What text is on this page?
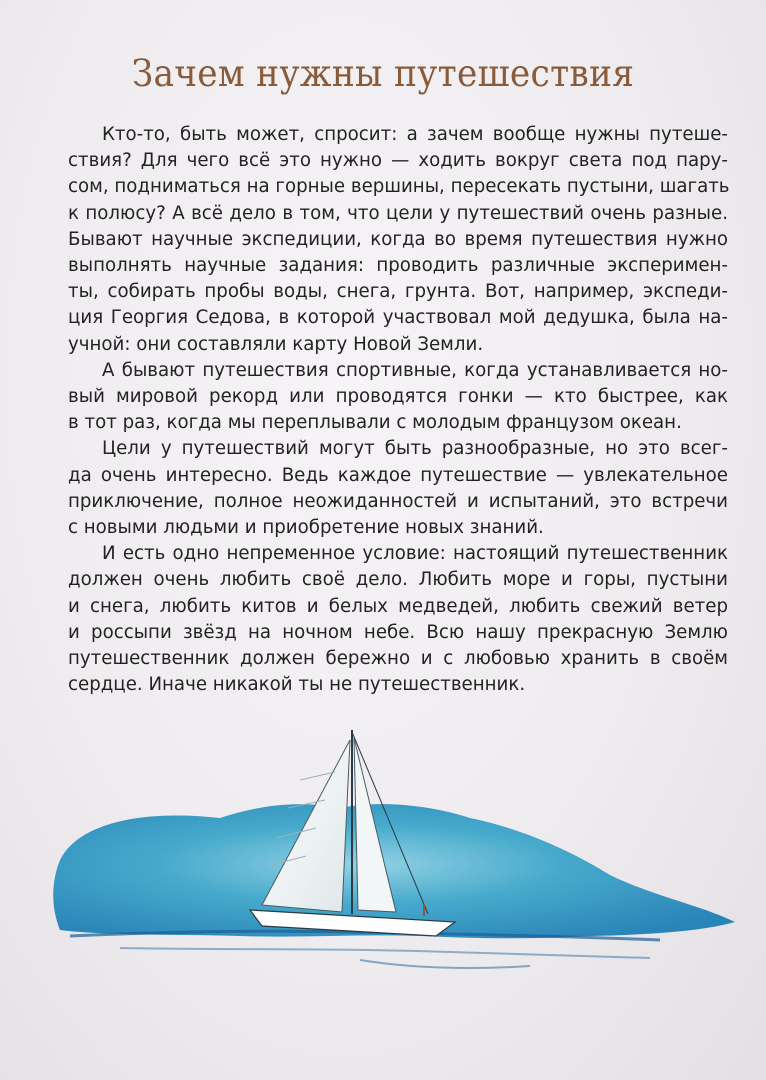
Зачем нужны путешествия
Кто-то, быть может, спросит: а зачем вообще нужны путеше-
ствия? Для чего всё это нужно — ходить вокруг света под пару-
сом, подниматься на горные вершины, пересекать пустыни, шагать
к полюсу? А всё дело в том, что цели у путешествий очень разные.
Бывают научные экспедиции, когда во время путешествия нужно
выполнять научные задания: проводить различные эксперимен-
ты, собирать пробы воды, снега, грунта. Вот, например, экспеди-
ция Георгия Седова, в которой участвовал мой дедушка, была на-
учной: они составляли карту Новой Земли.
А бывают путешествия спортивные, когда устанавливается но-
вый мировой рекорд или проводятся гонки — кто быстрее, как
в тот раз, когда мы переплывали с молодым французом океан.
Цели у путешествий могут быть разнообразные, но это всег-
да очень интересно. Ведь каждое путешествие — увлекательное
приключение, полное неожиданностей и испытаний, это встречи
с новыми людьми и приобретение новых знаний.
И есть одно непременное условие: настоящий путешественник
должен очень любить своё дело. Любить море и горы, пустыни
и снега, любить китов и белых медведей, любить свежий ветер
и россыпи звёзд на ночном небе. Всю нашу прекрасную Землю
путешественник должен бережно и с любовью хранить в своём
сердце. Иначе никакой ты не путешественник.
